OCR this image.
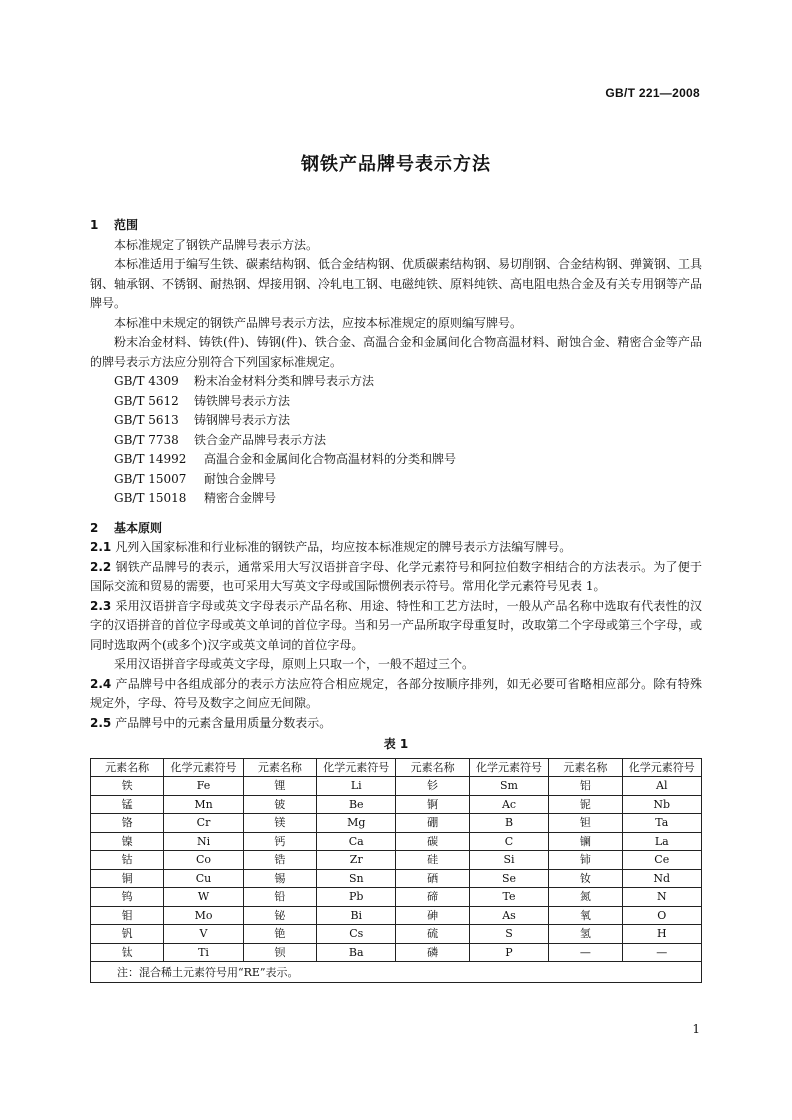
GB/T 221—2008
钢铁产品牌号表示方法
1 范围

本标准规定了钢铁产品牌号表示方法。

本标准适用于编写生铁、碳素结构钢、低合金结构钢、优质碳素结构钢、易切削钢、合金结构钢、弹簧钢、工具钢、轴承钢、不锈钢、耐热钢、焊接用钢、冷轧电工钢、电磁纯铁、原料纯铁、高电阻电热合金及有关专用钢等产品牌号。

本标准中未规定的钢铁产品牌号表示方法，应按本标准规定的原则编写牌号。

粉末冶金材料、铸铁(件)、铸钢(件)、铁合金、高温合金和金属间化合物高温材料、耐蚀合金、精密合金等产品的牌号表示方法应分别符合下列国家标准规定。

GB/T 4309 粉末冶金材料分类和牌号表示方法
GB/T 5612 铸铁牌号表示方法
GB/T 5613 铸钢牌号表示方法
GB/T 7738 铁合金产品牌号表示方法
GB/T 14992 高温合金和金属间化合物高温材料的分类和牌号
GB/T 15007 耐蚀合金牌号
GB/T 15018 精密合金牌号
2 基本原则

2.1 凡列入国家标准和行业标准的钢铁产品，均应按本标准规定的牌号表示方法编写牌号。

2.2 钢铁产品牌号的表示，通常采用大写汉语拼音字母、化学元素符号和阿拉伯数字相结合的方法表示。为了便于国际交流和贸易的需要，也可采用大写英文字母或国际惯例表示符号。常用化学元素符号见表 1。

2.3 采用汉语拼音字母或英文字母表示产品名称、用途、特性和工艺方法时，一般从产品名称中选取有代表性的汉字的汉语拼音的首位字母或英文单词的首位字母。当和另一产品所取字母重复时，改取第二个字母或第三个字母，或同时选取两个(或多个)汉字或英文单词的首位字母。

采用汉语拼音字母或英文字母，原则上只取一个，一般不超过三个。

2.4 产品牌号中各组成部分的表示方法应符合相应规定，各部分按顺序排列，如无必要可省略相应部分。除有特殊规定外，字母、符号及数字之间应无间隙。

2.5 产品牌号中的元素含量用质量分数表示。

表 1
元素名称	化学元素符号	元素名称	化学元素符号	元素名称	化学元素符号	元素名称	化学元素符号
铁	Fe	锂	Li	钐	Sm	铝	Al
锰	Mn	铍	Be	锕	Ac	铌	Nb
铬	Cr	镁	Mg	硼	B	钽	Ta
镍	Ni	钙	Ca	碳	C	镧	La
钴	Co	锆	Zr	硅	Si	铈	Ce
铜	Cu	锡	Sn	硒	Se	钕	Nd
钨	W	铅	Pb	碲	Te	氮	N
钼	Mo	铋	Bi	砷	As	氧	O
钒	V	铯	Cs	硫	S	氢	H
钛	Ti	钡	Ba	磷	P	—	—
注：混合稀土元素符号用“RE”表示。							
1
